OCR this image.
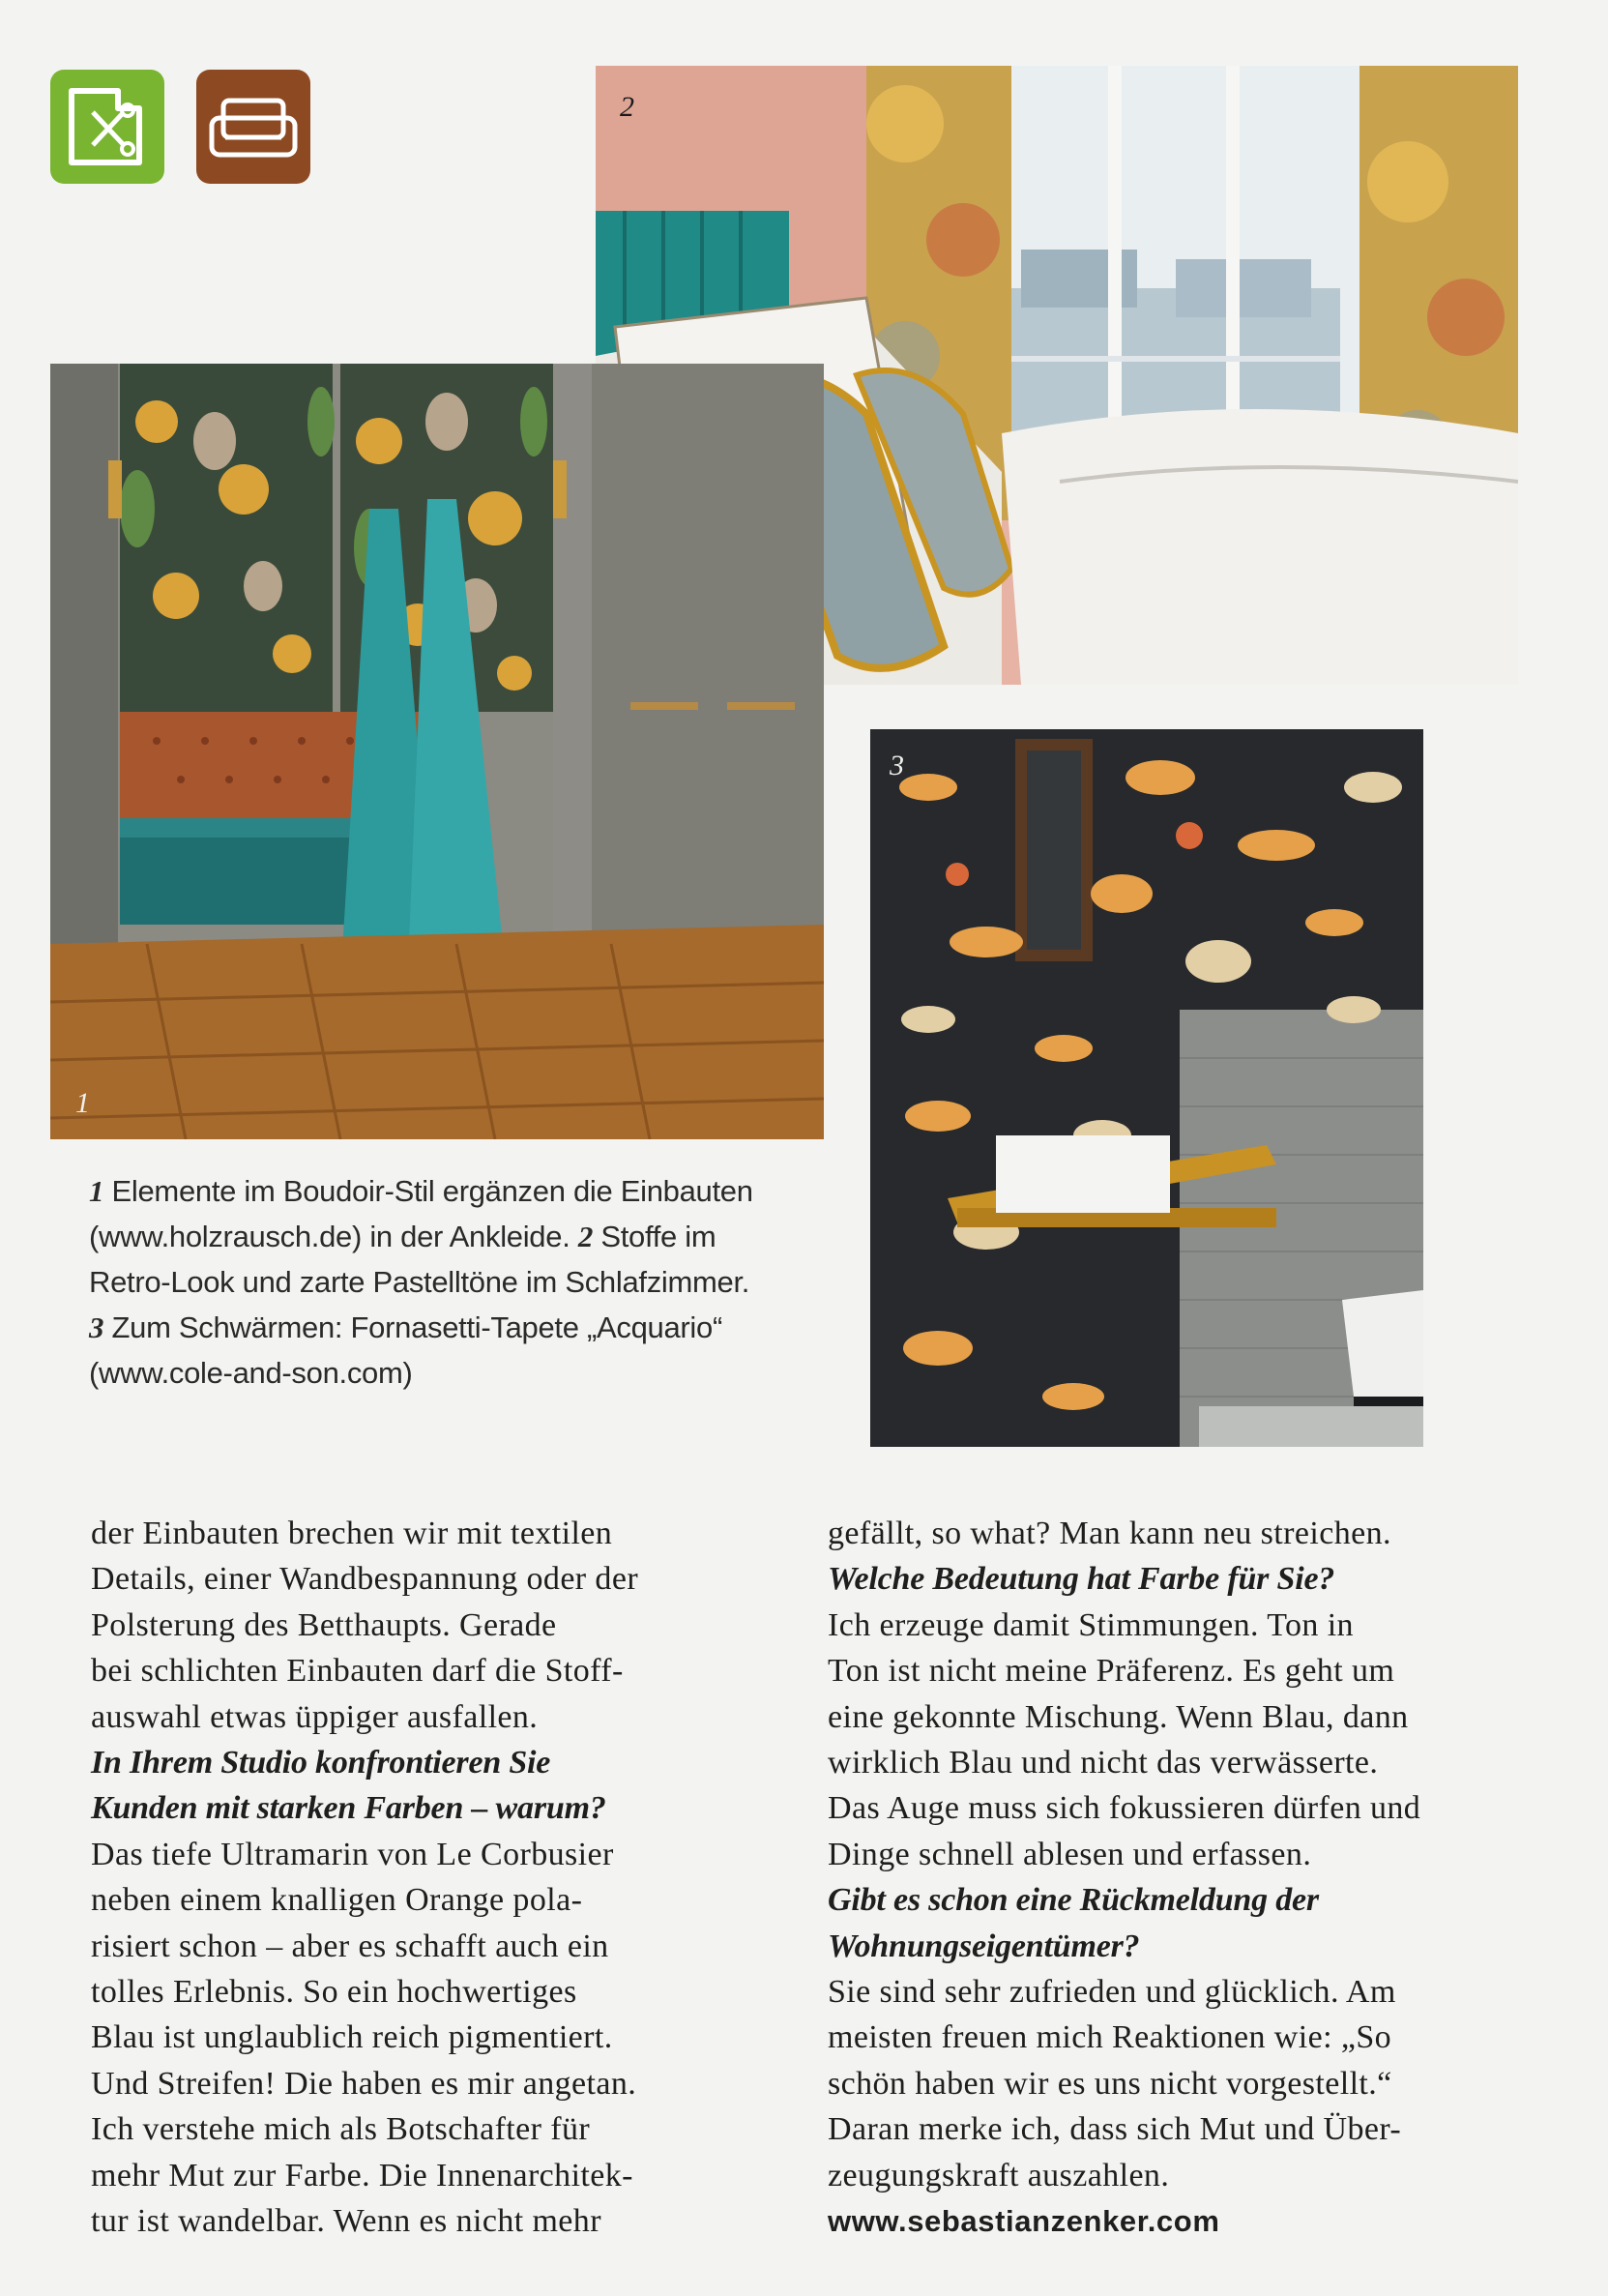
2
1
3

1 Elemente im Boudoir-Stil ergänzen die Einbauten

(www.holzrausch.de) in der Ankleide. 2 Stoffe im

Retro-Look und zarte Pastelltöne im Schlafzimmer.

3 Zum Schwärmen: Fornasetti-Tapete „Acquario“

(www.cole-and-son.com)

der Einbauten brechen wir mit textilen

Details, einer Wandbespannung oder der

Polsterung des Betthaupts. Gerade

bei schlichten Einbauten darf die Stoff-

auswahl etwas üppiger ausfallen.

In Ihrem Studio konfrontieren Sie

Kunden mit starken Farben – warum?

Das tiefe Ultramarin von Le Corbusier

neben einem knalligen Orange pola-

risiert schon – aber es schafft auch ein

tolles Erlebnis. So ein hochwertiges

Blau ist unglaublich reich pigmentiert.

Und Streifen! Die haben es mir angetan.

Ich verstehe mich als Botschafter für

mehr Mut zur Farbe. Die Innenarchitek-

tur ist wandelbar. Wenn es nicht mehr

gefällt, so what? Man kann neu streichen.

Welche Bedeutung hat Farbe für Sie?

Ich erzeuge damit Stimmungen. Ton in

Ton ist nicht meine Präferenz. Es geht um

eine gekonnte Mischung. Wenn Blau, dann

wirklich Blau und nicht das verwässerte.

Das Auge muss sich fokussieren dürfen und

Dinge schnell ablesen und erfassen.

Gibt es schon eine Rückmeldung der

Wohnungseigentümer?

Sie sind sehr zufrieden und glücklich. Am

meisten freuen mich Reaktionen wie: „So

schön haben wir es uns nicht vorgestellt.“

Daran merke ich, dass sich Mut und Über-

zeugungskraft auszahlen.

www.sebastianzenker.com
